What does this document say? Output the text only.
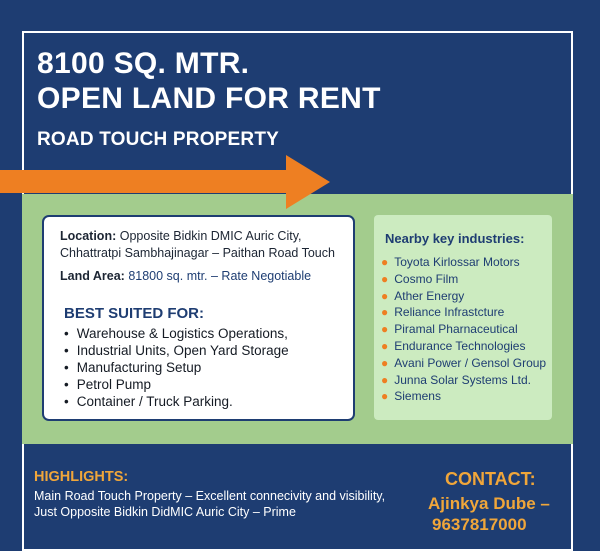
8100 SQ. MTR.
OPEN LAND FOR RENT
ROAD TOUCH PROPERTY
Location: Opposite Bidkin DMIC Auric City,
Chhattratpi Sambhajinagar – Paithan Road Touch
Land Area: 81800 sq. mtr. – Rate Negotiable
BEST SUITED FOR:
• Warehouse & Logistics Operations,
• Industrial Units, Open Yard Storage
• Manufacturing Setup
• Petrol Pump
• Container / Truck Parking.
Nearby key industries:
● Toyota Kirlossar Motors
● Cosmo Film
● Ather Energy
● Reliance Infrastcture
● Piramal Pharnaceutical
● Endurance Technologies
● Avani Power / Gensol Group
● Junna Solar Systems Ltd.
● Siemens
HIGHLIGHTS:
Main Road Touch Property – Excellent connecivity and visibility,
Just Opposite Bidkin DidMIC Auric City – Prime
CONTACT:
Ajinkya Dube –
9637817000
